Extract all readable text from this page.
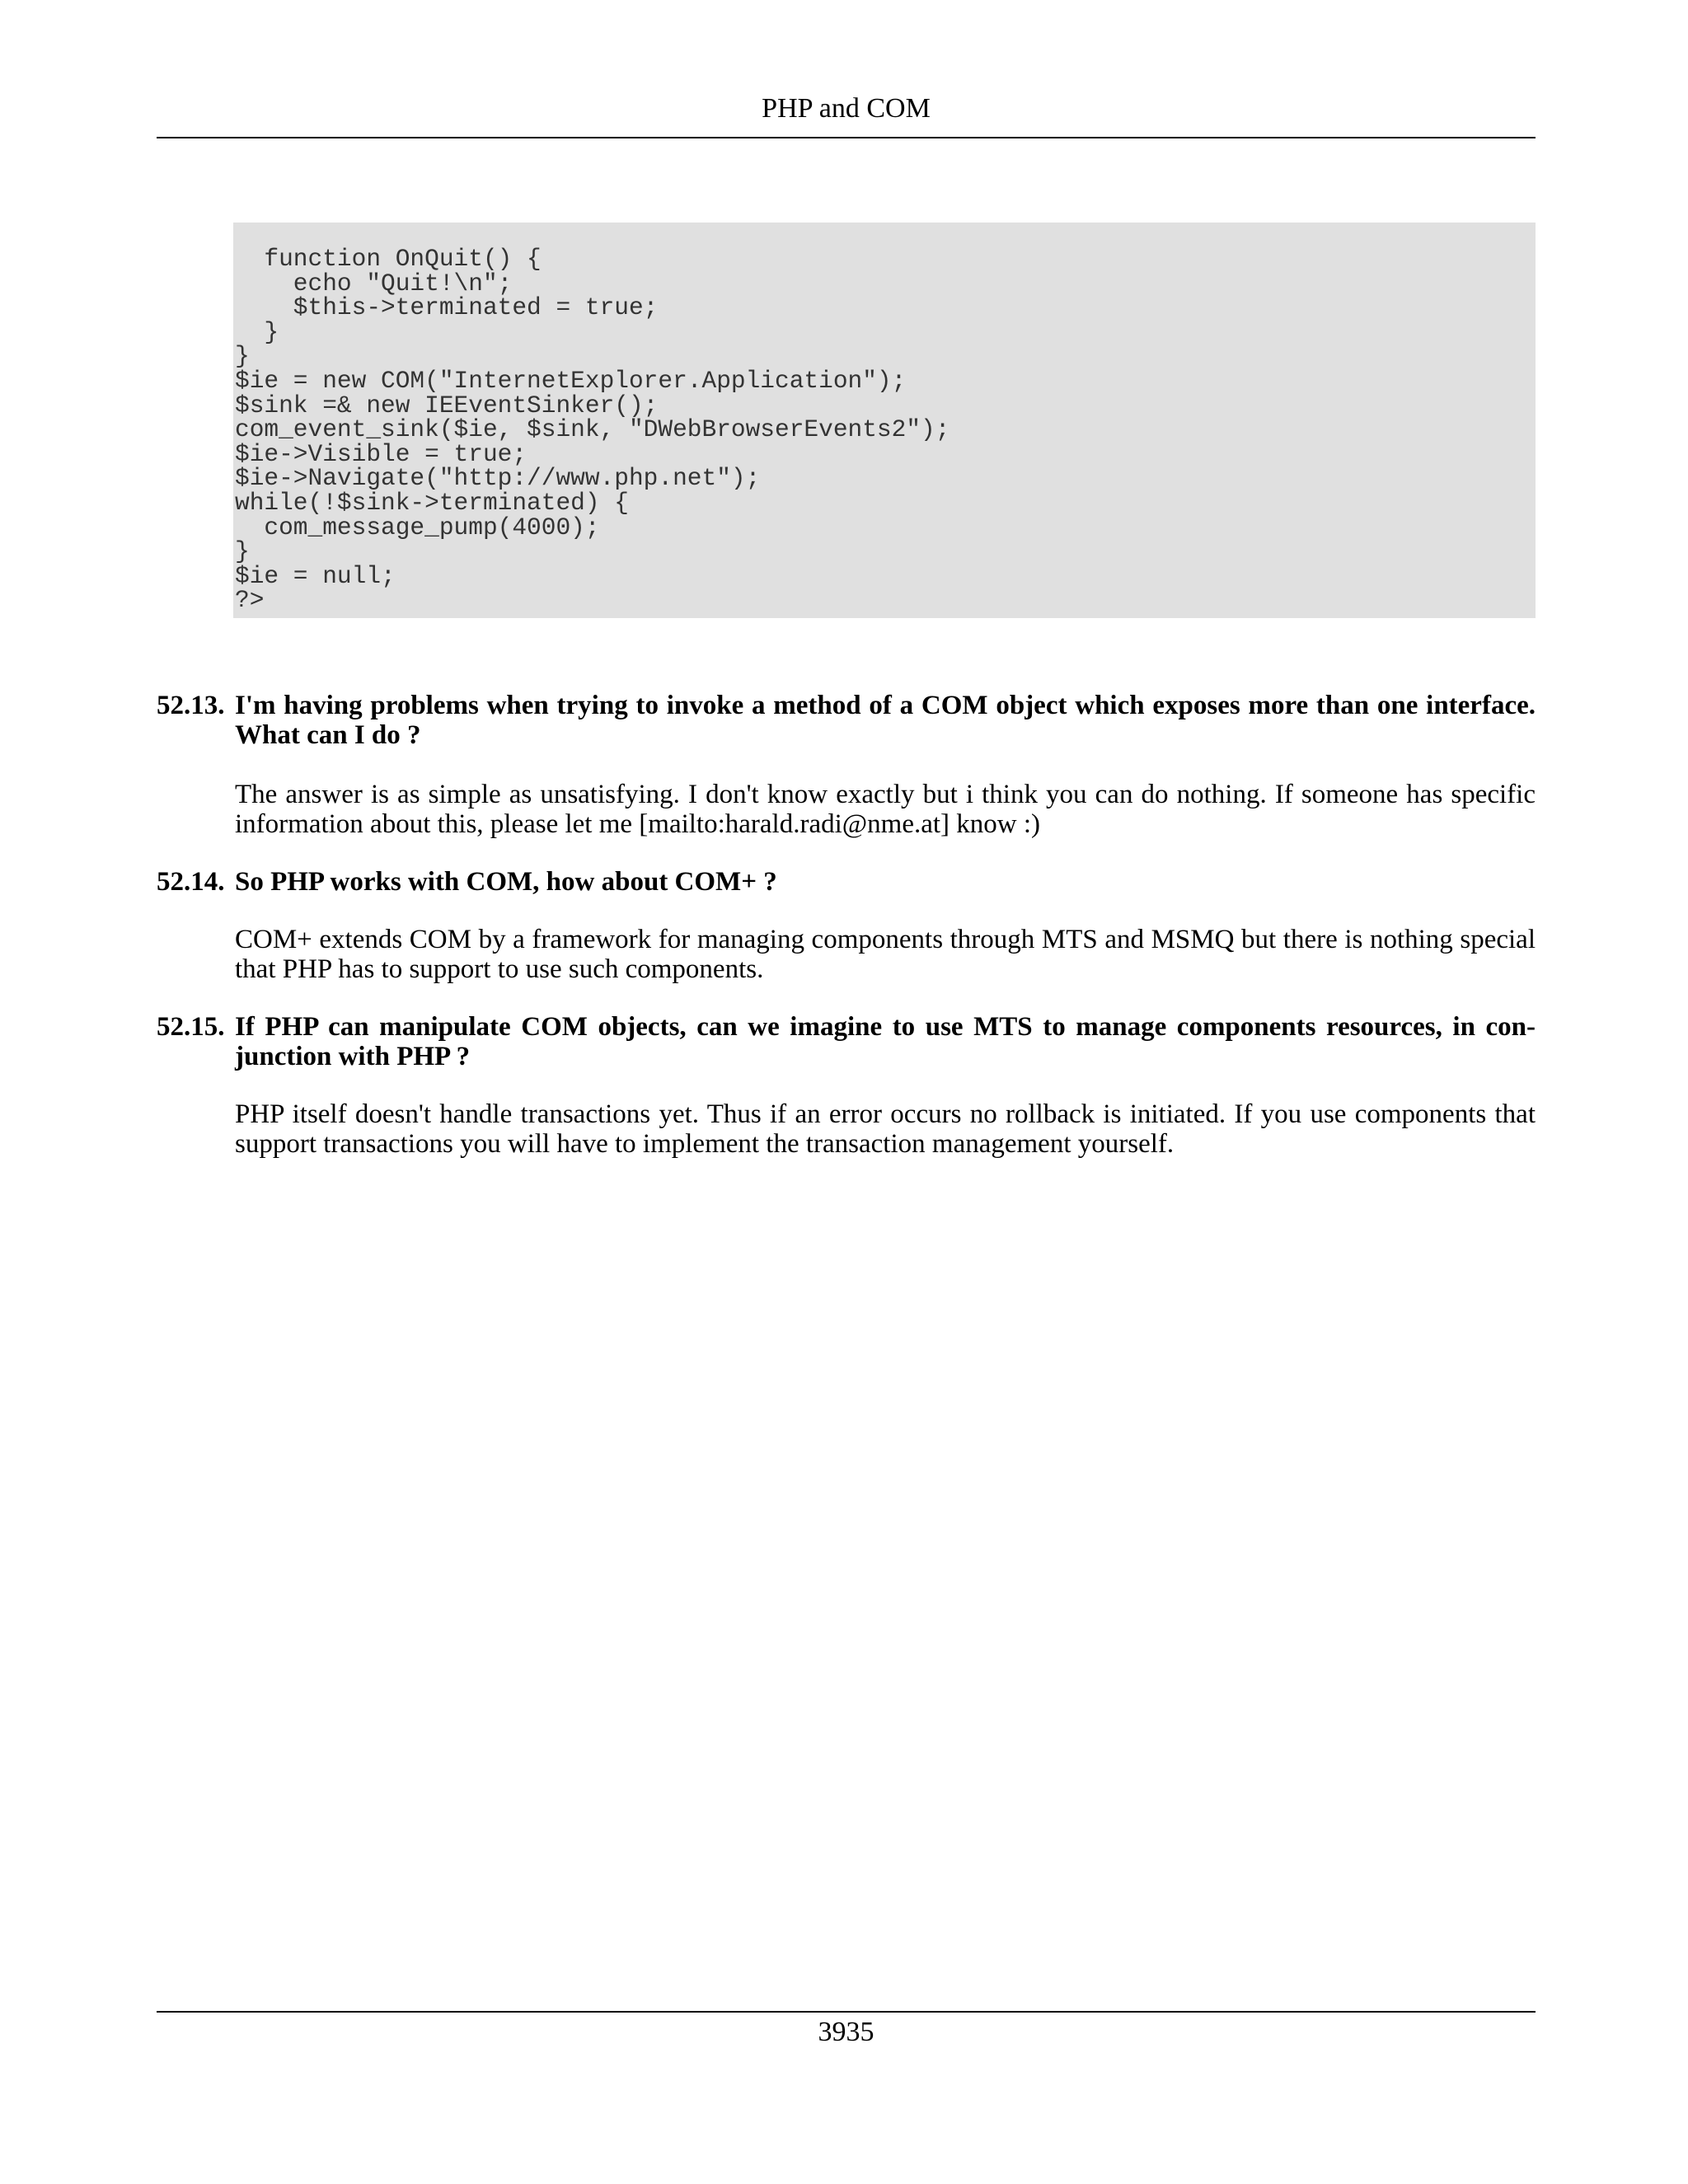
PHP and COM
function OnQuit() {
echo "Quit!\n";
$this->terminated = true;
}
}
$ie = new COM("InternetExplorer.Application");
$sink =& new IEEventSinker();
com_event_sink($ie, $sink, "DWebBrowserEvents2");
$ie->Visible = true;
$ie->Navigate("http://www.php.net");
while(!$sink->terminated) {
com_message_pump(4000);
}
$ie = null;
?>
52.13. I'm having problems when trying to invoke a method of a COM object which exposes more than one interface. What can I do ?
The answer is as simple as unsatisfying. I don't know exactly but i think you can do nothing. If someone has specific information about this, please let me [mailto:harald.radi@nme.at] know :)
52.14. So PHP works with COM, how about COM+ ?
COM+ extends COM by a framework for managing components through MTS and MSMQ but there is nothing special that PHP has to support to use such components.
52.15. If PHP can manipulate COM objects, can we imagine to use MTS to manage components resources, in conjunction with PHP ?
PHP itself doesn't handle transactions yet. Thus if an error occurs no rollback is initiated. If you use components that support transactions you will have to implement the transaction management yourself.
3935
